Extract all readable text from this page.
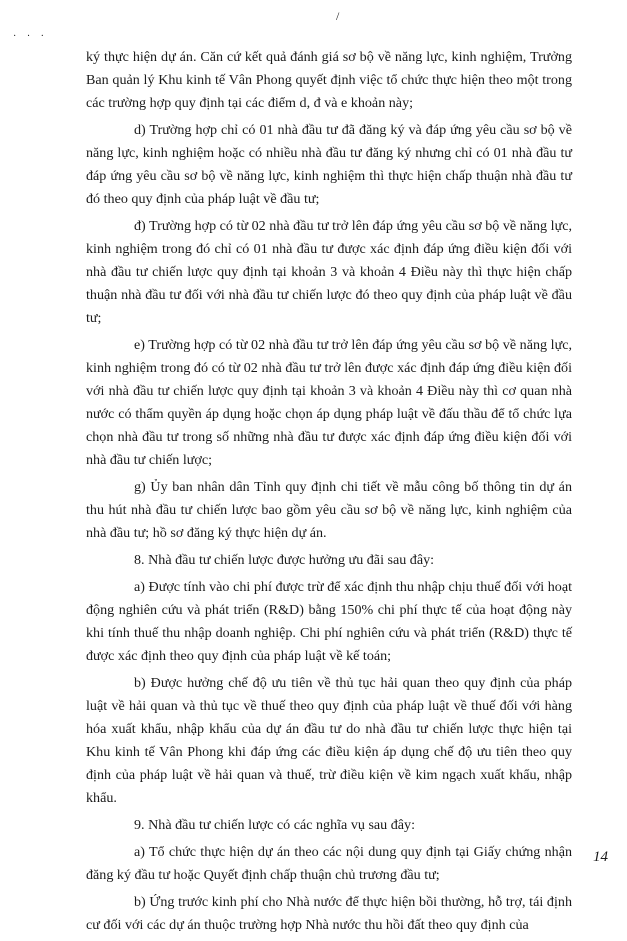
/
· · ·

ký thực hiện dự án. Căn cứ kết quả đánh giá sơ bộ về năng lực, kinh nghiệm, Trưởng Ban quản lý Khu kinh tế Vân Phong quyết định việc tổ chức thực hiện theo một trong các trường hợp quy định tại các điểm d, đ và e khoản này;

d) Trường hợp chỉ có 01 nhà đầu tư đã đăng ký và đáp ứng yêu cầu sơ bộ về năng lực, kinh nghiệm hoặc có nhiều nhà đầu tư đăng ký nhưng chỉ có 01 nhà đầu tư đáp ứng yêu cầu sơ bộ về năng lực, kinh nghiệm thì thực hiện chấp thuận nhà đầu tư đó theo quy định của pháp luật về đầu tư;

đ) Trường hợp có từ 02 nhà đầu tư trở lên đáp ứng yêu cầu sơ bộ về năng lực, kinh nghiệm trong đó chỉ có 01 nhà đầu tư được xác định đáp ứng điều kiện đối với nhà đầu tư chiến lược quy định tại khoản 3 và khoản 4 Điều này thì thực hiện chấp thuận nhà đầu tư đối với nhà đầu tư chiến lược đó theo quy định của pháp luật về đầu tư;

e) Trường hợp có từ 02 nhà đầu tư trở lên đáp ứng yêu cầu sơ bộ về năng lực, kinh nghiệm trong đó có từ 02 nhà đầu tư trở lên được xác định đáp ứng điều kiện đối với nhà đầu tư chiến lược quy định tại khoản 3 và khoản 4 Điều này thì cơ quan nhà nước có thẩm quyền áp dụng hoặc chọn áp dụng pháp luật về đấu thầu để tổ chức lựa chọn nhà đầu tư trong số những nhà đầu tư được xác định đáp ứng điều kiện đối với nhà đầu tư chiến lược;

g) Ủy ban nhân dân Tỉnh quy định chi tiết về mẫu công bố thông tin dự án thu hút nhà đầu tư chiến lược bao gồm yêu cầu sơ bộ về năng lực, kinh nghiệm của nhà đầu tư; hồ sơ đăng ký thực hiện dự án.

8. Nhà đầu tư chiến lược được hưởng ưu đãi sau đây:

a) Được tính vào chi phí được trừ để xác định thu nhập chịu thuế đối với hoạt động nghiên cứu và phát triển (R&D) bằng 150% chi phí thực tế của hoạt động này khi tính thuế thu nhập doanh nghiệp. Chi phí nghiên cứu và phát triển (R&D) thực tế được xác định theo quy định của pháp luật về kế toán;

b) Được hưởng chế độ ưu tiên về thủ tục hải quan theo quy định của pháp luật về hải quan và thủ tục về thuế theo quy định của pháp luật về thuế đối với hàng hóa xuất khẩu, nhập khẩu của dự án đầu tư do nhà đầu tư chiến lược thực hiện tại Khu kinh tế Vân Phong khi đáp ứng các điều kiện áp dụng chế độ ưu tiên theo quy định của pháp luật về hải quan và thuế, trừ điều kiện về kim ngạch xuất khẩu, nhập khẩu.

9. Nhà đầu tư chiến lược có các nghĩa vụ sau đây:

a) Tổ chức thực hiện dự án theo các nội dung quy định tại Giấy chứng nhận đăng ký đầu tư hoặc Quyết định chấp thuận chủ trương đầu tư;

b) Ứng trước kinh phí cho Nhà nước để thực hiện bồi thường, hỗ trợ, tái định cư đối với các dự án thuộc trường hợp Nhà nước thu hồi đất theo quy định của

14
